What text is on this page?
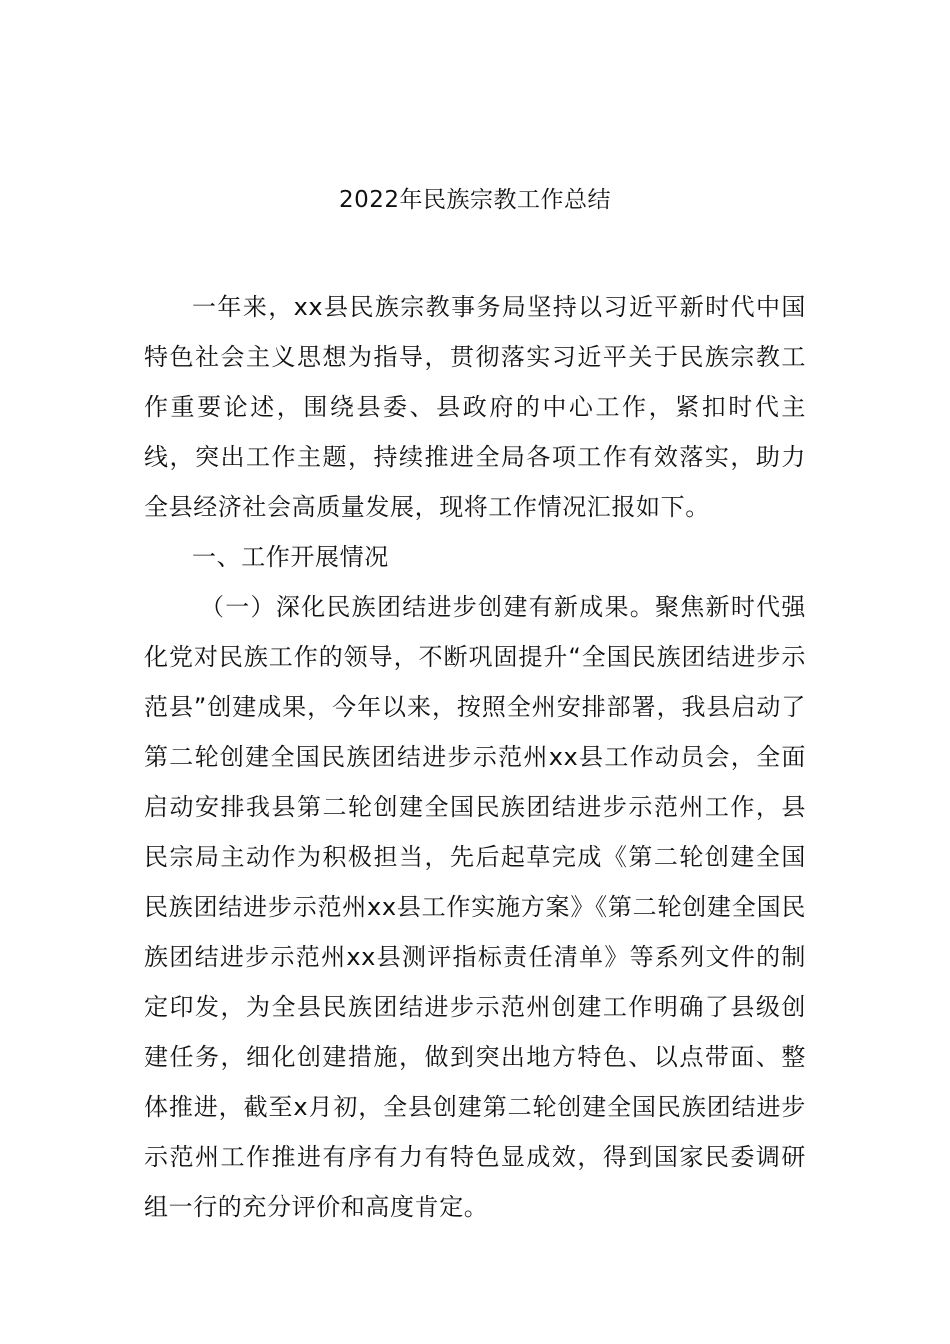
2022年民族宗教工作总结

一年来，xx县民族宗教事务局坚持以习近平新时代中国特色社会主义思想为指导，贯彻落实习近平关于民族宗教工作重要论述，围绕县委、县政府的中心工作，紧扣时代主线，突出工作主题，持续推进全局各项工作有效落实，助力全县经济社会高质量发展，现将工作情况汇报如下。

一、工作开展情况

（一）深化民族团结进步创建有新成果。聚焦新时代强化党对民族工作的领导，不断巩固提升“全国民族团结进步示范县”创建成果，今年以来，按照全州安排部署，我县启动了第二轮创建全国民族团结进步示范州xx县工作动员会，全面启动安排我县第二轮创建全国民族团结进步示范州工作，县民宗局主动作为积极担当，先后起草完成《第二轮创建全国民族团结进步示范州xx县工作实施方案》《第二轮创建全国民族团结进步示范州xx县测评指标责任清单》等系列文件的制定印发，为全县民族团结进步示范州创建工作明确了县级创建任务，细化创建措施，做到突出地方特色、以点带面、整体推进，截至x月初，全县创建第二轮创建全国民族团结进步示范州工作推进有序有力有特色显成效，得到国家民委调研组一行的充分评价和高度肯定。
